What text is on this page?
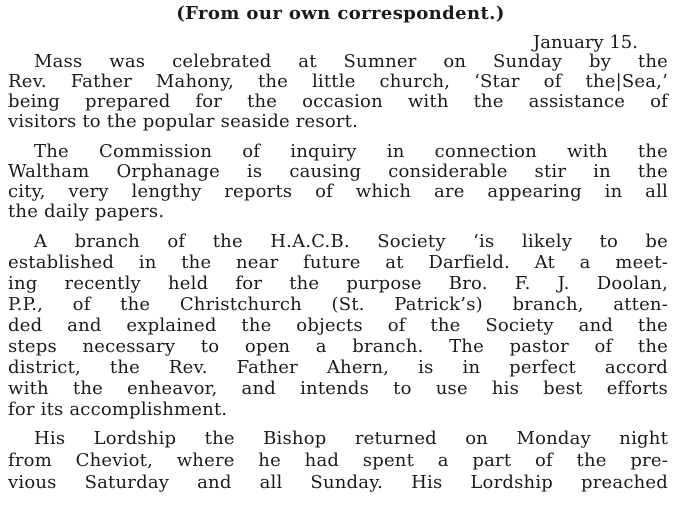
(From our own correspondent.)
January 15.
Mass was celebrated at Sumner on Sunday by the
Rev. Father Mahony, the little church, ‘Star of the|Sea,’
being prepared for the occasion with the assistance of
visitors to the popular seaside resort.
The Commission of inquiry in connection with the
Waltham Orphanage is causing considerable stir in the
city, very lengthy reports of which are appearing in all
the daily papers.
A branch of the H.A.C.B. Society ‘is likely to be
established in the near future at Darfield. At a meet-
ing recently held for the purpose Bro. F. J. Doolan,
P.P., of the Christchurch (St. Patrick’s) branch, atten-
ded and explained the objects of the Society and the
steps necessary to open a branch. The pastor of the
district, the Rev. Father Ahern, is in perfect accord
with the enheavor, and intends to use his best efforts
for its accomplishment.
His Lordship the Bishop returned on Monday night
from Cheviot, where he had spent a part of the pre-
vious Saturday and all Sunday. His Lordship preached
